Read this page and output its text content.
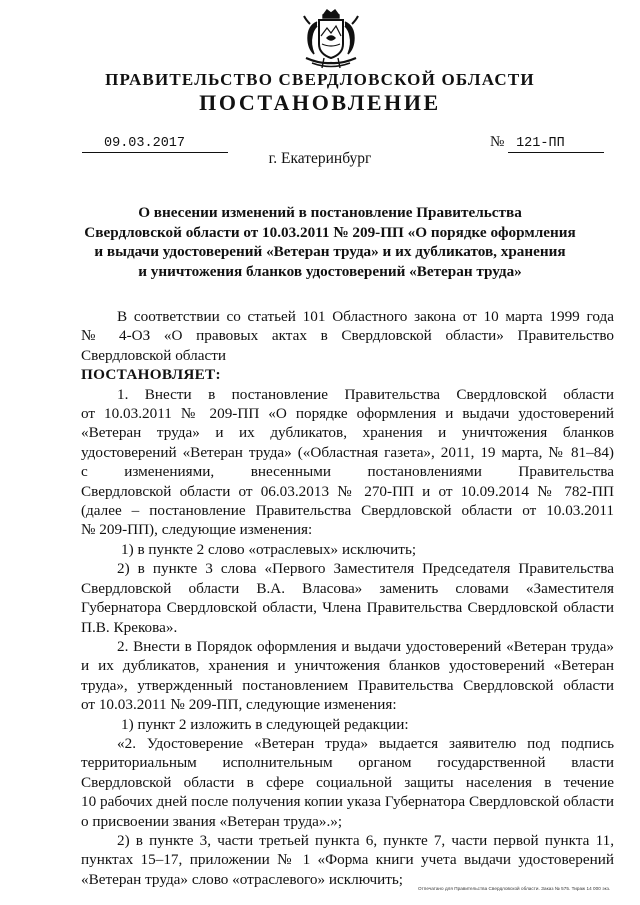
ПРАВИТЕЛЬСТВО СВЕРДЛОВСКОЙ ОБЛАСТИ
ПОСТАНОВЛЕНИЕ
09.03.2017	№ 121-ПП
г. Екатеринбург
О внесении изменений в постановление Правительства
Свердловской области от 10.03.2011 № 209-ПП «О порядке оформления
и выдачи удостоверений «Ветеран труда» и их дубликатов, хранения
и уничтожения бланков удостоверений «Ветеран труда»
В соответствии со статьей 101 Областного закона от 10 марта 1999 года
№ 4-ОЗ «О правовых актах в Свердловской области» Правительство
Свердловской области
ПОСТАНОВЛЯЕТ:
1. Внести в постановление Правительства Свердловской области
от 10.03.2011 № 209-ПП «О порядке оформления и выдачи удостоверений
«Ветеран труда» и их дубликатов, хранения и уничтожения бланков
удостоверений «Ветеран труда» («Областная газета», 2011, 19 марта, № 81–84)
с изменениями, внесенными постановлениями Правительства
Свердловской области от 06.03.2013 № 270-ПП и от 10.09.2014 № 782-ПП
(далее – постановление Правительства Свердловской области от 10.03.2011
№ 209-ПП), следующие изменения:
1) в пункте 2 слово «отраслевых» исключить;
2) в пункте 3 слова «Первого Заместителя Председателя Правительства
Свердловской области В.А. Власова» заменить словами «Заместителя
Губернатора Свердловской области, Члена Правительства Свердловской области
П.В. Крекова».
2. Внести в Порядок оформления и выдачи удостоверений «Ветеран труда»
и их дубликатов, хранения и уничтожения бланков удостоверений «Ветеран
труда», утвержденный постановлением Правительства Свердловской области
от 10.03.2011 № 209-ПП, следующие изменения:
1) пункт 2 изложить в следующей редакции:
«2. Удостоверение «Ветеран труда» выдается заявителю под подпись
территориальным исполнительным органом государственной власти
Свердловской области в сфере социальной защиты населения в течение
10 рабочих дней после получения копии указа Губернатора Свердловской области
о присвоении звания «Ветеран труда».»;
2) в пункте 3, части третьей пункта 6, пункте 7, части первой пункта 11,
пунктах 15–17, приложении № 1 «Форма книги учета выдачи удостоверений
«Ветеран труда» слово «отраслевого» исключить;
Отпечатано для Правительства Свердловской области. Заказ № 575. Тираж 14 000 экз.
